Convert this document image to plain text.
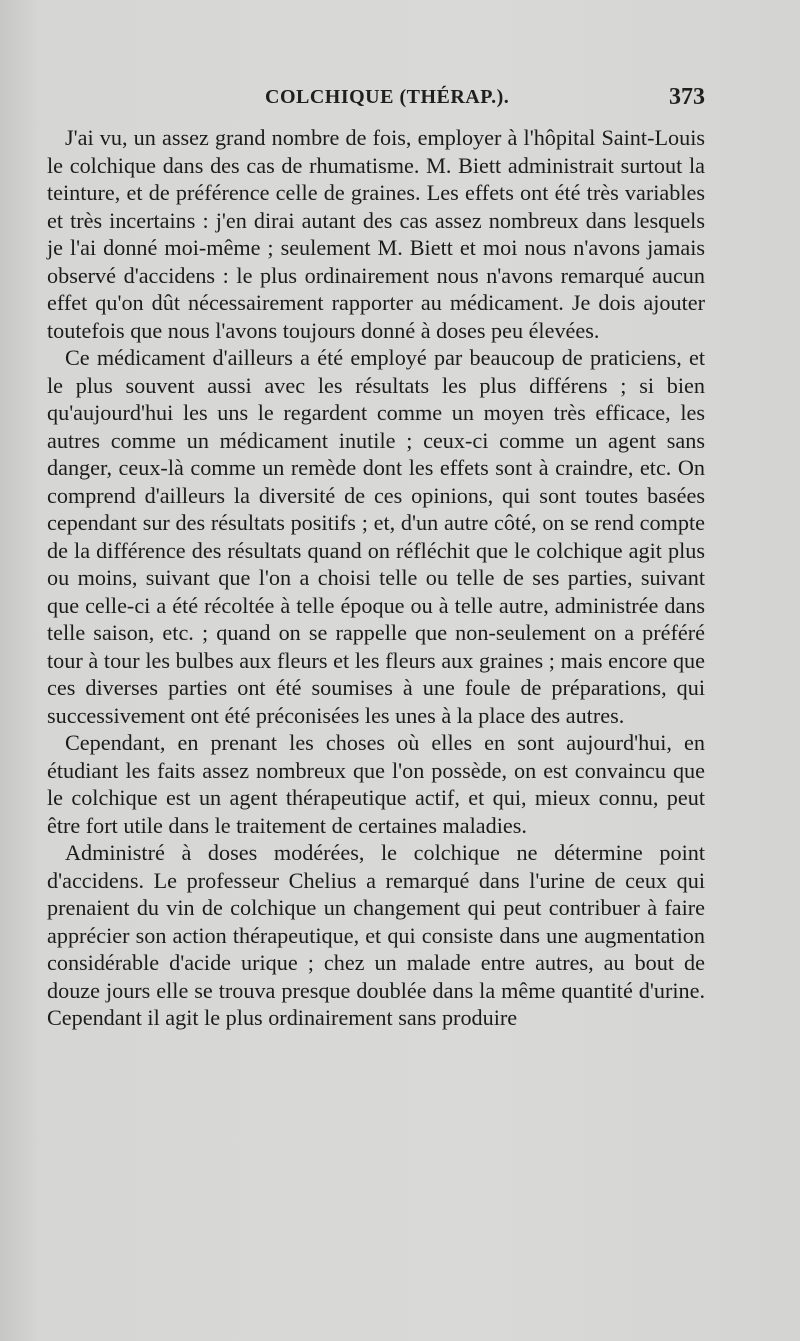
COLCHIQUE (THÉRAP.).	373

J'ai vu, un assez grand nombre de fois, employer à l'hôpital Saint-Louis le colchique dans des cas de rhumatisme. M. Biett administrait surtout la teinture, et de préférence celle de graines. Les effets ont été très variables et très incertains : j'en dirai autant des cas assez nombreux dans lesquels je l'ai donné moi-même ; seulement M. Biett et moi nous n'avons jamais observé d'accidens : le plus ordinairement nous n'avons remarqué aucun effet qu'on dût nécessairement rapporter au médicament. Je dois ajouter toutefois que nous l'avons toujours donné à doses peu élevées.

Ce médicament d'ailleurs a été employé par beaucoup de praticiens, et le plus souvent aussi avec les résultats les plus différens ; si bien qu'aujourd'hui les uns le regardent comme un moyen très efficace, les autres comme un médicament inutile ; ceux-ci comme un agent sans danger, ceux-là comme un remède dont les effets sont à craindre, etc. On comprend d'ailleurs la diversité de ces opinions, qui sont toutes basées cependant sur des résultats positifs ; et, d'un autre côté, on se rend compte de la différence des résultats quand on réfléchit que le colchique agit plus ou moins, suivant que l'on a choisi telle ou telle de ses parties, suivant que celle-ci a été récoltée à telle époque ou à telle autre, administrée dans telle saison, etc. ; quand on se rappelle que non-seulement on a préféré tour à tour les bulbes aux fleurs et les fleurs aux graines ; mais encore que ces diverses parties ont été soumises à une foule de préparations, qui successivement ont été préconisées les unes à la place des autres.

Cependant, en prenant les choses où elles en sont aujourd'hui, en étudiant les faits assez nombreux que l'on possède, on est convaincu que le colchique est un agent thérapeutique actif, et qui, mieux connu, peut être fort utile dans le traitement de certaines maladies.

Administré à doses modérées, le colchique ne détermine point d'accidens. Le professeur Chelius a remarqué dans l'urine de ceux qui prenaient du vin de colchique un changement qui peut contribuer à faire apprécier son action thérapeutique, et qui consiste dans une augmentation considérable d'acide urique ; chez un malade entre autres, au bout de douze jours elle se trouva presque doublée dans la même quantité d'urine. Cependant il agit le plus ordinairement sans produire
